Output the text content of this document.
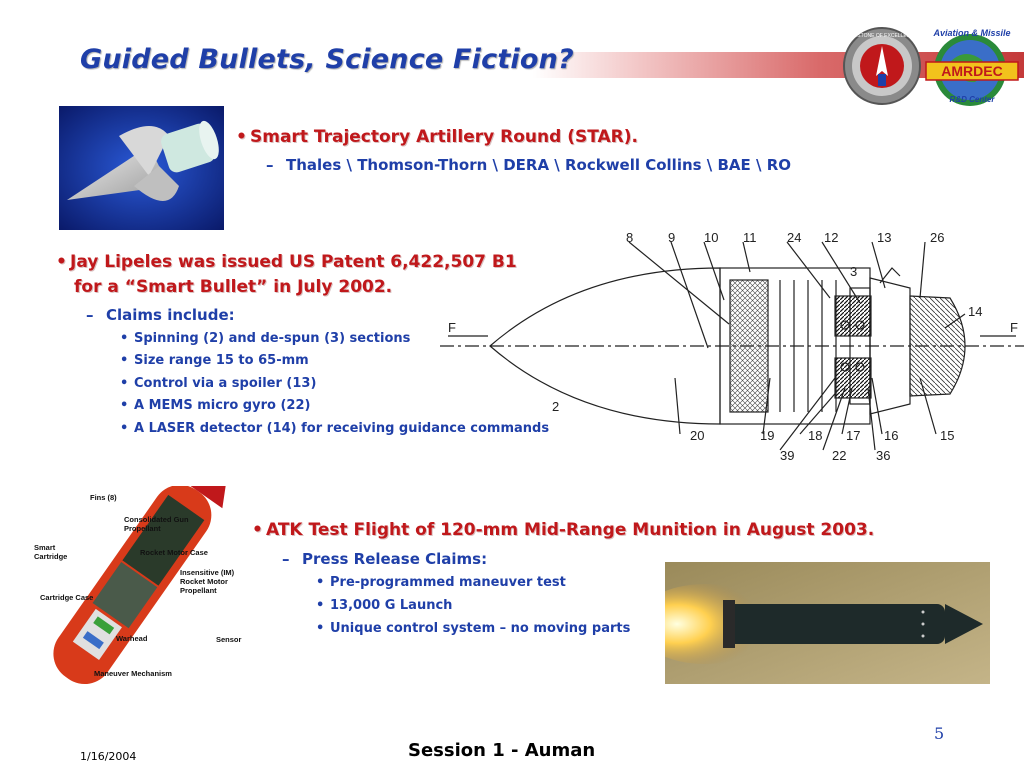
Guided Bullets, Science Fiction?
REDSTONE OF EXCELLENCE
AMRDEC
Aviation & Missile
R&D Center
• Smart Trajectory Artillery Round (STAR).
– Thales \ Thomson-Thorn \ DERA \ Rockwell Collins \ BAE \ RO
• Jay Lipeles was issued US Patent 6,422,507 B1
for a “Smart Bullet” in July 2002.
– Claims include:
• Spinning (2) and de-spun (3) sections
• Size range 15 to 65-mm
• Control via a spoiler (13)
• A MEMS micro gyro (22)
• A LASER detector (14) for receiving guidance commands
8	9 10 11 24 12	13	26
20	19
39
18
22
17
36
16	15
F	F
14
3
2
Fins (8)
Consolidated Gun
Propellant
Smart
Cartridge	Rocket Motor Case
Insensitive (IM)
Rocket Motor
Propellant
Cartridge Case
Warhead	Sensor
Maneuver Mechanism
• ATK Test Flight of 120-mm Mid-Range Munition in August 2003.
– Press Release Claims:
• Pre-programmed maneuver test
• 13,000 G Launch
• Unique control system – no moving parts
1/16/2004	Session 1 - Auman
5
